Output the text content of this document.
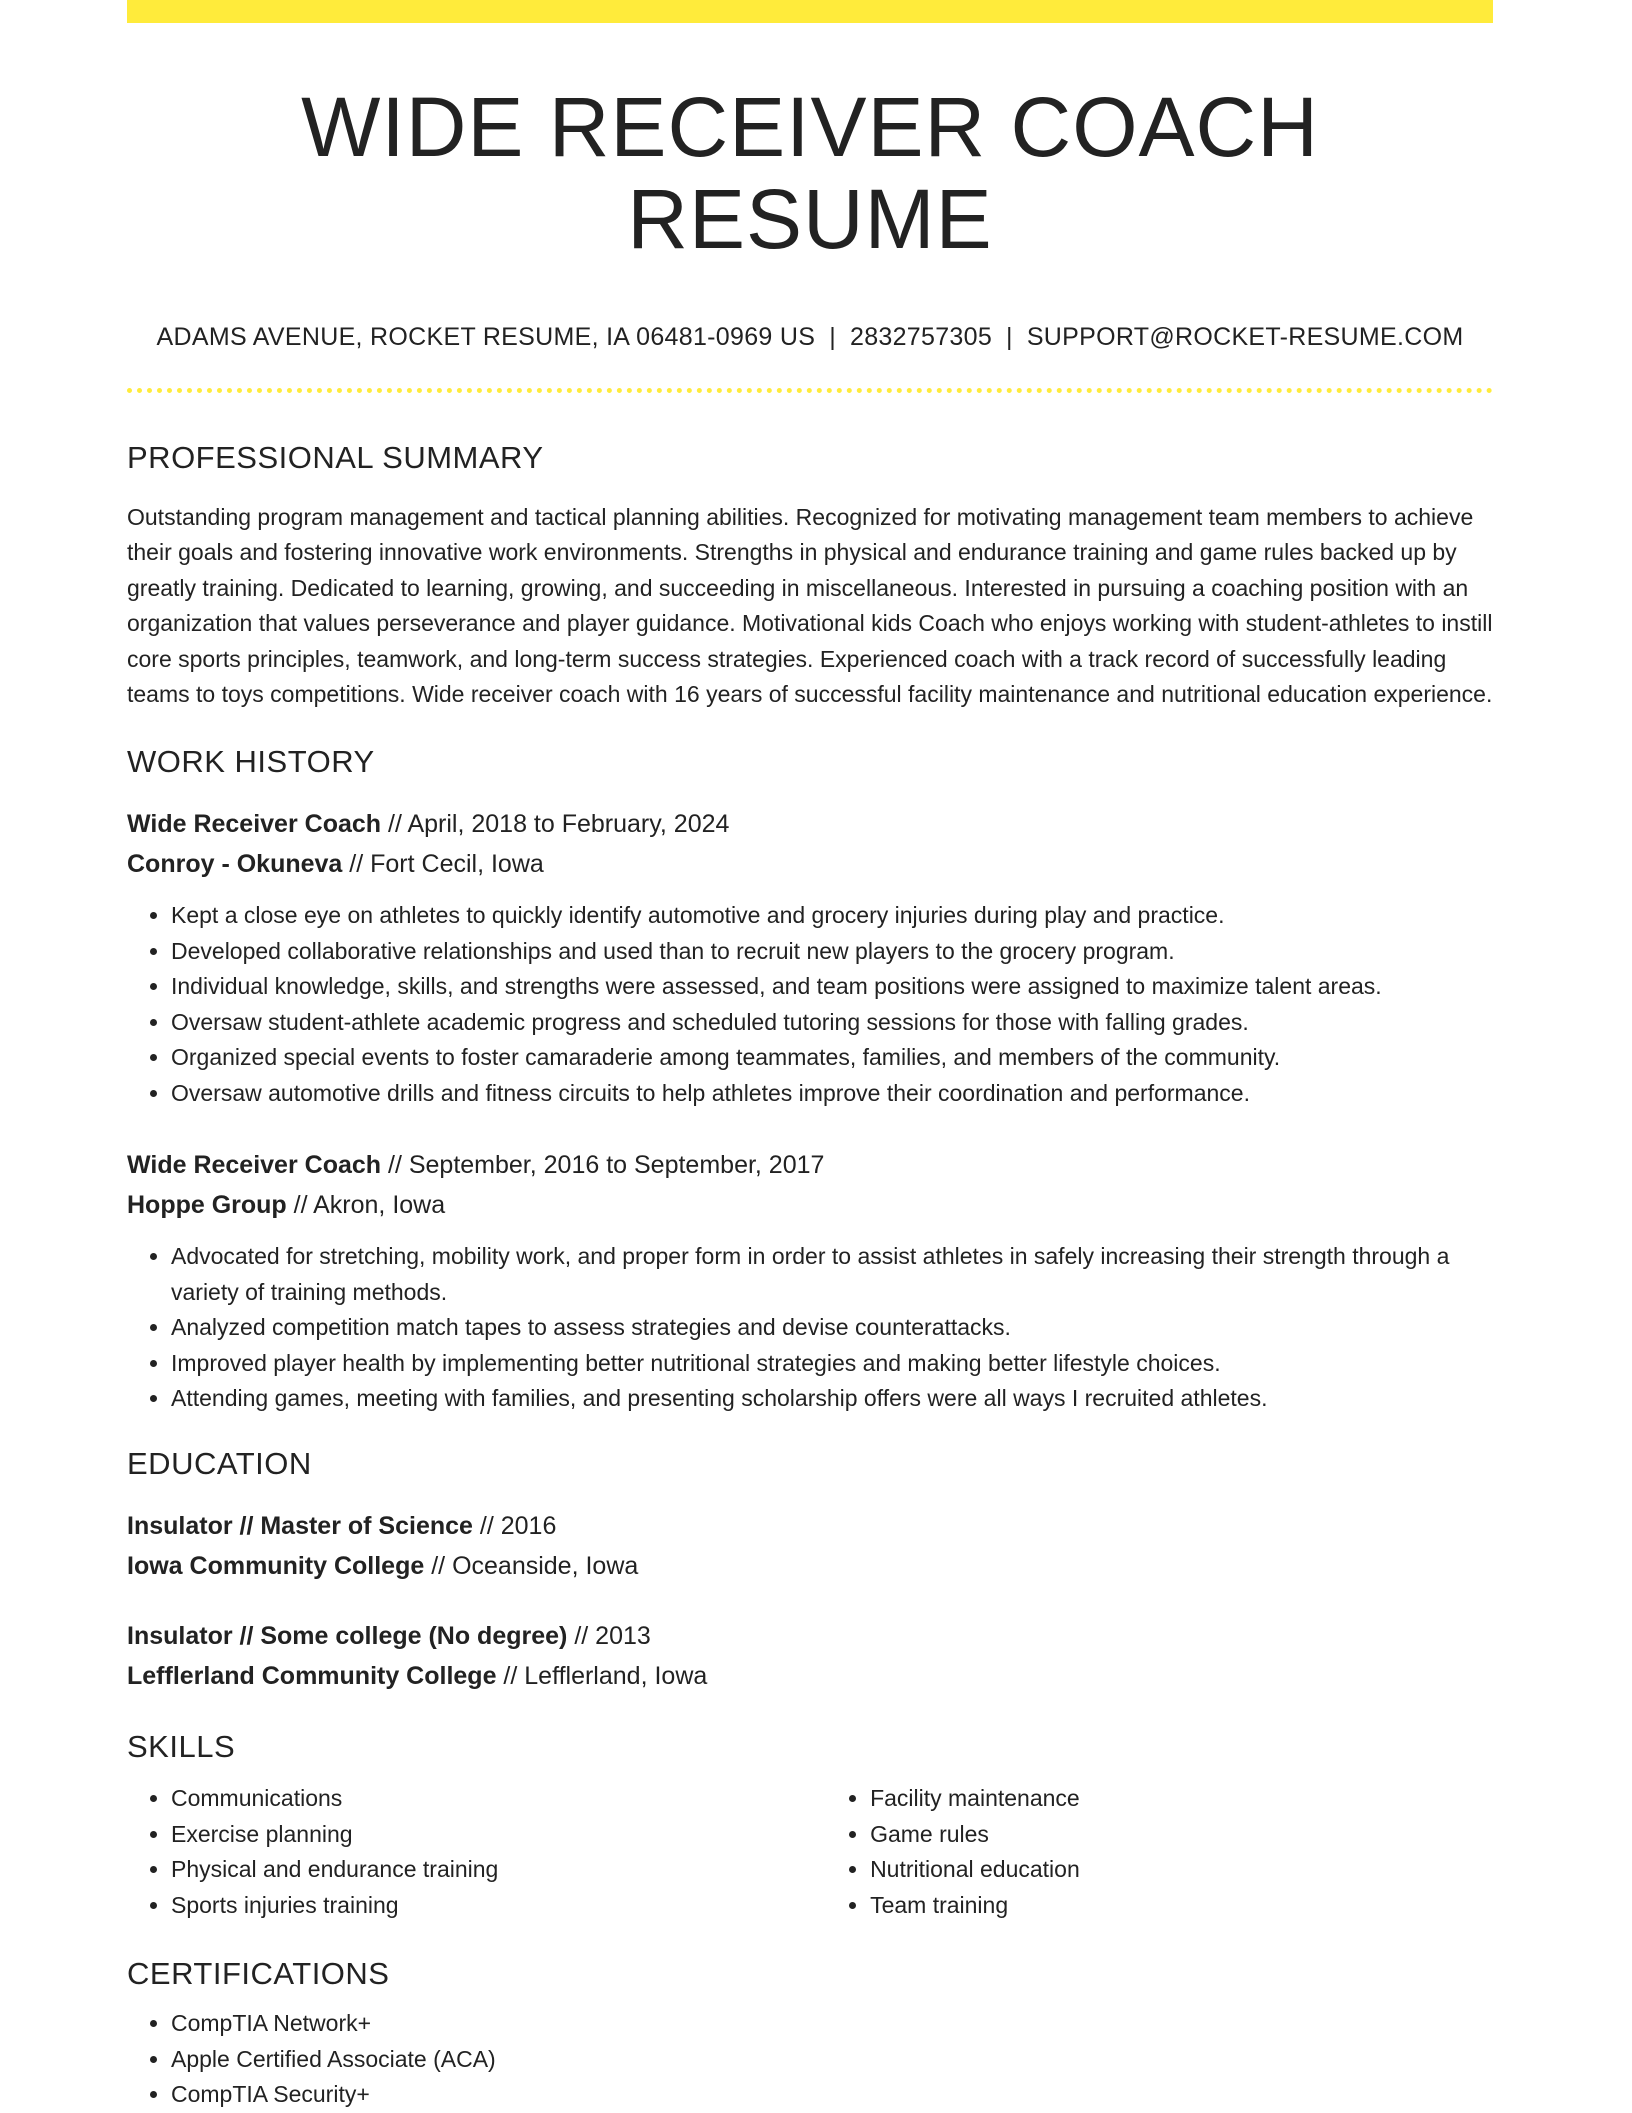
WIDE RECEIVER COACH RESUME
ADAMS AVENUE, ROCKET RESUME, IA 06481-0969 US | 2832757305 | SUPPORT@ROCKET-RESUME.COM
PROFESSIONAL SUMMARY
Outstanding program management and tactical planning abilities. Recognized for motivating management team members to achieve their goals and fostering innovative work environments. Strengths in physical and endurance training and game rules backed up by greatly training. Dedicated to learning, growing, and succeeding in miscellaneous. Interested in pursuing a coaching position with an organization that values perseverance and player guidance. Motivational kids Coach who enjoys working with student-athletes to instill core sports principles, teamwork, and long-term success strategies. Experienced coach with a track record of successfully leading teams to toys competitions. Wide receiver coach with 16 years of successful facility maintenance and nutritional education experience.
WORK HISTORY
Wide Receiver Coach // April, 2018 to February, 2024
Conroy - Okuneva // Fort Cecil, Iowa
• Kept a close eye on athletes to quickly identify automotive and grocery injuries during play and practice.
• Developed collaborative relationships and used than to recruit new players to the grocery program.
• Individual knowledge, skills, and strengths were assessed, and team positions were assigned to maximize talent areas.
• Oversaw student-athlete academic progress and scheduled tutoring sessions for those with falling grades.
• Organized special events to foster camaraderie among teammates, families, and members of the community.
• Oversaw automotive drills and fitness circuits to help athletes improve their coordination and performance.
Wide Receiver Coach // September, 2016 to September, 2017
Hoppe Group // Akron, Iowa
• Advocated for stretching, mobility work, and proper form in order to assist athletes in safely increasing their strength through a variety of training methods.
• Analyzed competition match tapes to assess strategies and devise counterattacks.
• Improved player health by implementing better nutritional strategies and making better lifestyle choices.
• Attending games, meeting with families, and presenting scholarship offers were all ways I recruited athletes.
EDUCATION
Insulator // Master of Science // 2016
Iowa Community College // Oceanside, Iowa
Insulator // Some college (No degree) // 2013
Lefflerland Community College // Lefflerland, Iowa
SKILLS
• Communications
• Exercise planning
• Physical and endurance training
• Sports injuries training
• Facility maintenance
• Game rules
• Nutritional education
• Team training
CERTIFICATIONS
• CompTIA Network+
• Apple Certified Associate (ACA)
• CompTIA Security+
